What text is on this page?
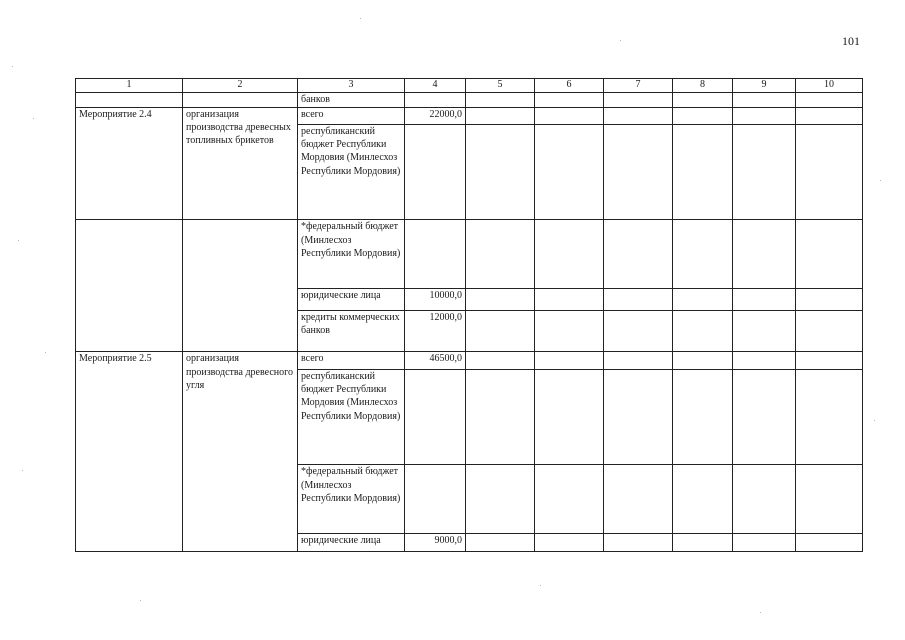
101
1	2	3	4	5	6	7	8	9	10
		банков							
Мероприятие 2.4	организация производства древесных топливных брикетов	всего	22000,0						
		республиканский бюджет Республики Мордовия (Минлесхоз Республики Мордовия)							
		*федеральный бюджет (Минлесхоз Республики Мордовия)							
		юридические лица	10000,0						
		кредиты коммерческих банков	12000,0						
Мероприятие 2.5	организация производства древесного угля	всего	46500,0						
		республиканский бюджет Республики Мордовия (Минлесхоз Республики Мордовия)							
		*федеральный бюджет (Минлесхоз Республики Мордовия)							
		юридические лица	9000,0						
